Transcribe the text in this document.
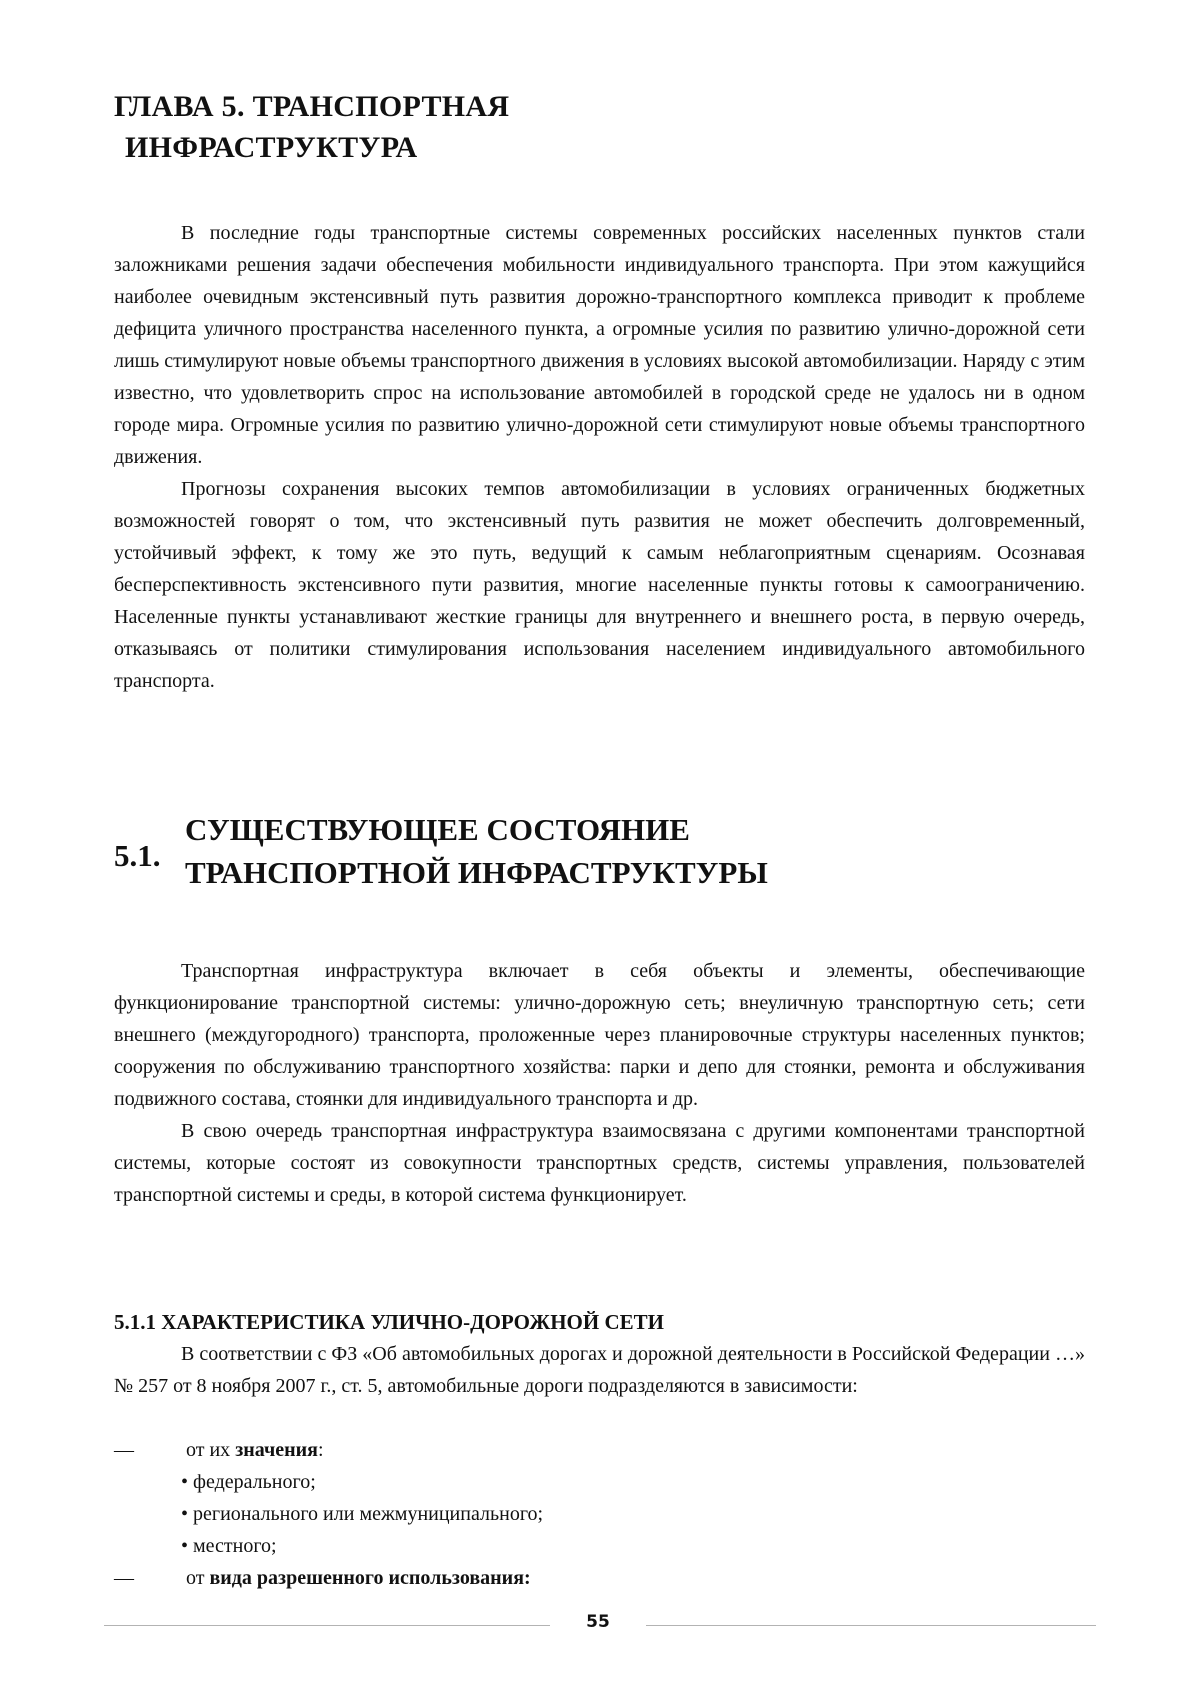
ГЛАВА 5. ТРАНСПОРТНАЯ
ИНФРАСТРУКТУРА

В последние годы транспортные системы современных российских населенных пунктов стали заложниками решения задачи обеспечения мобильности индивидуального транспорта. При этом кажущийся наиболее очевидным экстенсивный путь развития дорожно-транспортного комплекса приводит к проблеме дефицита уличного пространства населенного пункта, а огромные усилия по развитию улично-дорожной сети лишь стимулируют новые объемы транспортного движения в условиях высокой автомобилизации. Наряду с этим известно, что удовлетворить спрос на использование автомобилей в городской среде не удалось ни в одном городе мира. Огромные усилия по развитию улично-дорожной сети стимулируют новые объемы транспортного движения.

Прогнозы сохранения высоких темпов автомобилизации в условиях ограниченных бюджетных возможностей говорят о том, что экстенсивный путь развития не может обеспечить долговременный, устойчивый эффект, к тому же это путь, ведущий к самым неблагоприятным сценариям. Осознавая бесперспективность экстенсивного пути развития, многие населенные пункты готовы к самоограничению. Населенные пункты устанавливают жесткие границы для внутреннего и внешнего роста, в первую очередь, отказываясь от политики стимулирования использования населением индивидуального автомобильного транспорта.

5.1.
СУЩЕСТВУЮЩЕЕ СОСТОЯНИЕ
ТРАНСПОРТНОЙ ИНФРАСТРУКТУРЫ

Транспортная инфраструктура включает в себя объекты и элементы, обеспечивающие функционирование транспортной системы: улично-дорожную сеть; внеуличную транспортную сеть; сети внешнего (междугородного) транспорта, проложенные через планировочные структуры населенных пунктов; сооружения по обслуживанию транспортного хозяйства: парки и депо для стоянки, ремонта и обслуживания подвижного состава, стоянки для индивидуального транспорта и др.

В свою очередь транспортная инфраструктура взаимосвязана с другими компонентами транспортной системы, которые состоят из совокупности транспортных средств, системы управления, пользователей транспортной системы и среды, в которой система функционирует.

5.1.1 ХАРАКТЕРИСТИКА УЛИЧНО-ДОРОЖНОЙ СЕТИ

В соответствии с ФЗ «Об автомобильных дорогах и дорожной деятельности в Российской Федерации …» № 257 от 8 ноября 2007 г., ст. 5, автомобильные дороги подразделяются в зависимости:

—	от их значения:
• федерального;
• регионального или межмуниципального;
• местного;
—	от вида разрешенного использования:
55
